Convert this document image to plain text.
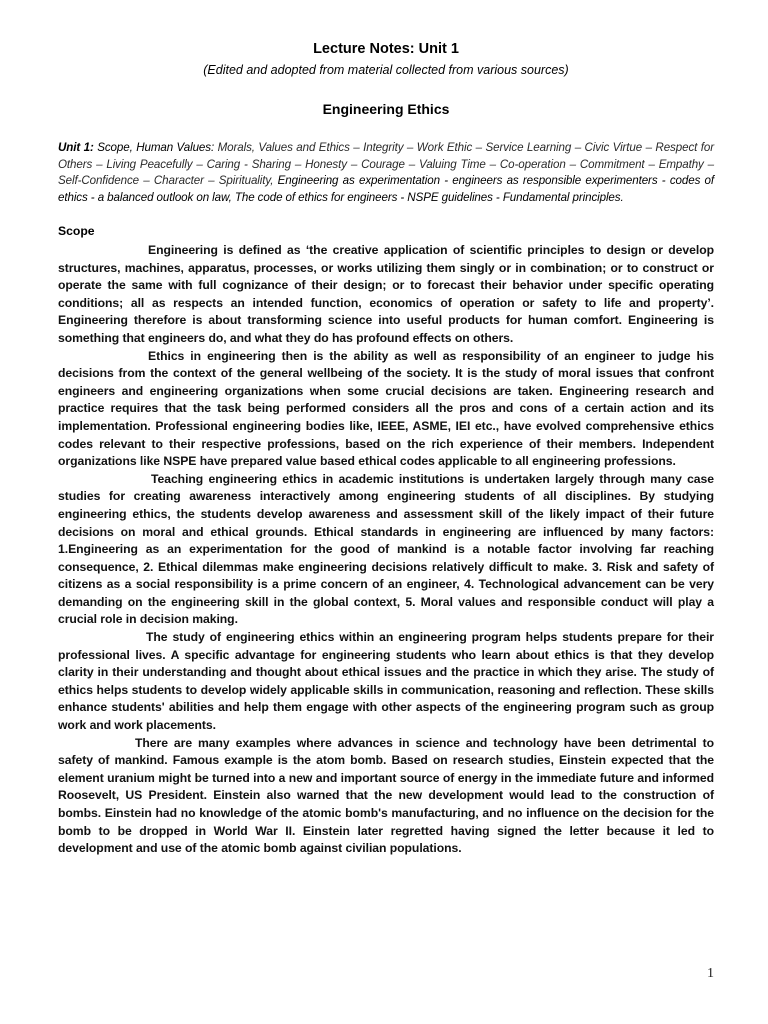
Lecture Notes: Unit 1

(Edited and adopted from material collected from various sources)

Engineering Ethics

Unit 1: Scope, Human Values: Morals, Values and Ethics – Integrity – Work Ethic – Service Learning – Civic Virtue – Respect for Others – Living Peacefully – Caring - Sharing – Honesty – Courage – Valuing Time – Co-operation – Commitment – Empathy – Self-Confidence – Character – Spirituality, Engineering as experimentation - engineers as responsible experimenters - codes of ethics - a balanced outlook on law, The code of ethics for engineers - NSPE guidelines - Fundamental principles.

Scope

Engineering is defined as ‘the creative application of scientific principles to design or develop structures, machines, apparatus, processes, or works utilizing them singly or in combination; or to construct or operate the same with full cognizance of their design; or to forecast their behavior under specific operating conditions; all as respects an intended function, economics of operation or safety to life and property’. Engineering therefore is about transforming science into useful products for human comfort. Engineering is something that engineers do, and what they do has profound effects on others.

Ethics in engineering then is the ability as well as responsibility of an engineer to judge his decisions from the context of the general wellbeing of the society. It is the study of moral issues that confront engineers and engineering organizations when some crucial decisions are taken. Engineering research and practice requires that the task being performed considers all the pros and cons of a certain action and its implementation. Professional engineering bodies like, IEEE, ASME, IEI etc., have evolved comprehensive ethics codes relevant to their respective professions, based on the rich experience of their members. Independent organizations like NSPE have prepared value based ethical codes applicable to all engineering professions.

Teaching engineering ethics in academic institutions is undertaken largely through many case studies for creating awareness interactively among engineering students of all disciplines. By studying engineering ethics, the students develop awareness and assessment skill of the likely impact of their future decisions on moral and ethical grounds. Ethical standards in engineering are influenced by many factors: 1.Engineering as an experimentation for the good of mankind is a notable factor involving far reaching consequence, 2. Ethical dilemmas make engineering decisions relatively difficult to make. 3. Risk and safety of citizens as a social responsibility is a prime concern of an engineer, 4. Technological advancement can be very demanding on the engineering skill in the global context, 5. Moral values and responsible conduct will play a crucial role in decision making.

The study of engineering ethics within an engineering program helps students prepare for their professional lives. A specific advantage for engineering students who learn about ethics is that they develop clarity in their understanding and thought about ethical issues and the practice in which they arise. The study of ethics helps students to develop widely applicable skills in communication, reasoning and reflection. These skills enhance students' abilities and help them engage with other aspects of the engineering program such as group work and work placements.

There are many examples where advances in science and technology have been detrimental to safety of mankind. Famous example is the atom bomb. Based on research studies, Einstein expected that the element uranium might be turned into a new and important source of energy in the immediate future and informed Roosevelt, US President. Einstein also warned that the new development would lead to the construction of bombs. Einstein had no knowledge of the atomic bomb's manufacturing, and no influence on the decision for the bomb to be dropped in World War II. Einstein later regretted having signed the letter because it led to development and use of the atomic bomb against civilian populations.

1
